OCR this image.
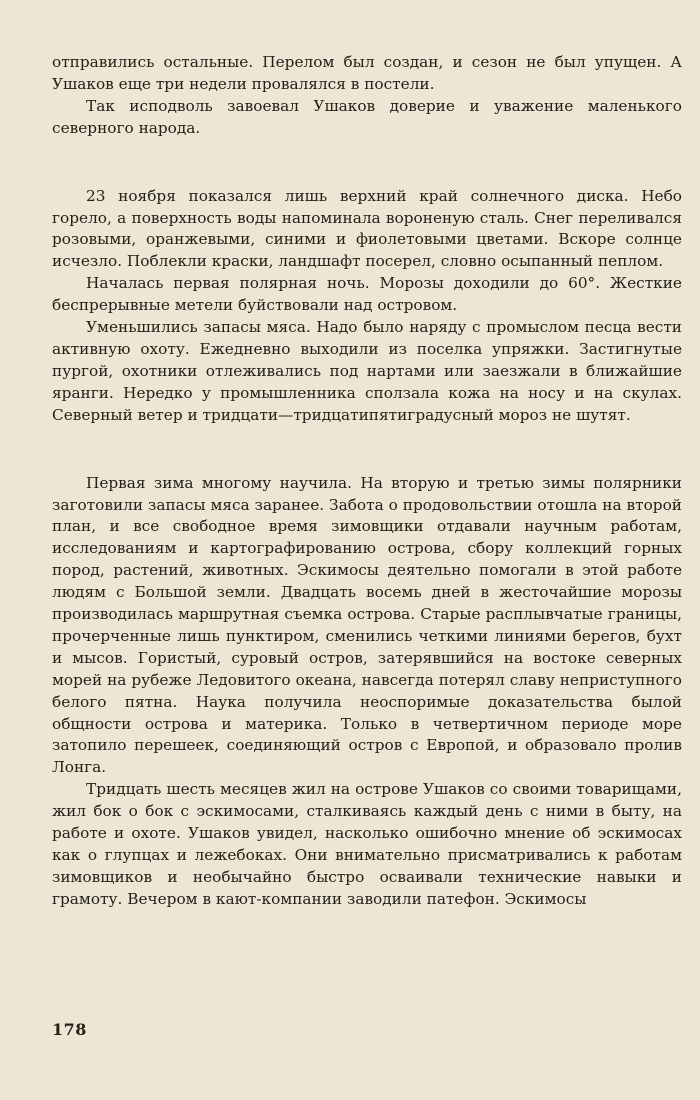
отправились остальные. Перелом был создан, и сезон не был упущен. А Ушаков еще три недели провалялся в постели.

Так исподволь завоевал Ушаков доверие и уважение маленького северного народа.

23 ноября показался лишь верхний край солнечного диска. Небо горело, а поверхность воды напоминала вороненую сталь. Снег переливался розовыми, оранжевыми, синими и фиолетовыми цветами. Вскоре солнце исчезло. Поблекли краски, ландшафт посерел, словно осыпанный пеплом.

Началась первая полярная ночь. Морозы доходили до 60°. Жесткие беспрерывные метели буйствовали над островом.

Уменьшились запасы мяса. Надо было наряду с промыслом песца вести активную охоту. Ежедневно выходили из поселка упряжки. Застигнутые пургой, охотники отлеживались под нартами или заезжали в ближайшие яранги. Нередко у промышленника сползала кожа на носу и на скулах. Северный ветер и тридцати—тридцатипятиградусный мороз не шутят.

Первая зима многому научила. На вторую и третью зимы полярники заготовили запасы мяса заранее. Забота о продовольствии отошла на второй план, и все свободное время зимовщики отдавали научным работам, исследованиям и картографированию острова, сбору коллекций горных пород, растений, животных. Эскимосы деятельно помогали в этой работе людям с Большой земли. Двадцать восемь дней в жесточайшие морозы производилась маршрутная съемка острова. Старые расплывчатые границы, прочерченные лишь пунктиром, сменились четкими линиями берегов, бухт и мысов. Гористый, суровый остров, затерявшийся на востоке северных морей на рубеже Ледовитого океана, навсегда потерял славу неприступного белого пятна. Наука получила неоспоримые доказательства былой общности острова и материка. Только в четвертичном периоде море затопило перешеек, соединяющий остров с Европой, и образовало пролив Лонга.

Тридцать шесть месяцев жил на острове Ушаков со своими товарищами, жил бок о бок с эскимосами, сталкиваясь каждый день с ними в быту, на работе и охоте. Ушаков увидел, насколько ошибочно мнение об эскимосах как о глупцах и лежебоках. Они внимательно присматривались к работам зимовщиков и необычайно быстро осваивали технические навыки и грамоту. Вечером в кают-компании заводили патефон. Эскимосы

178
